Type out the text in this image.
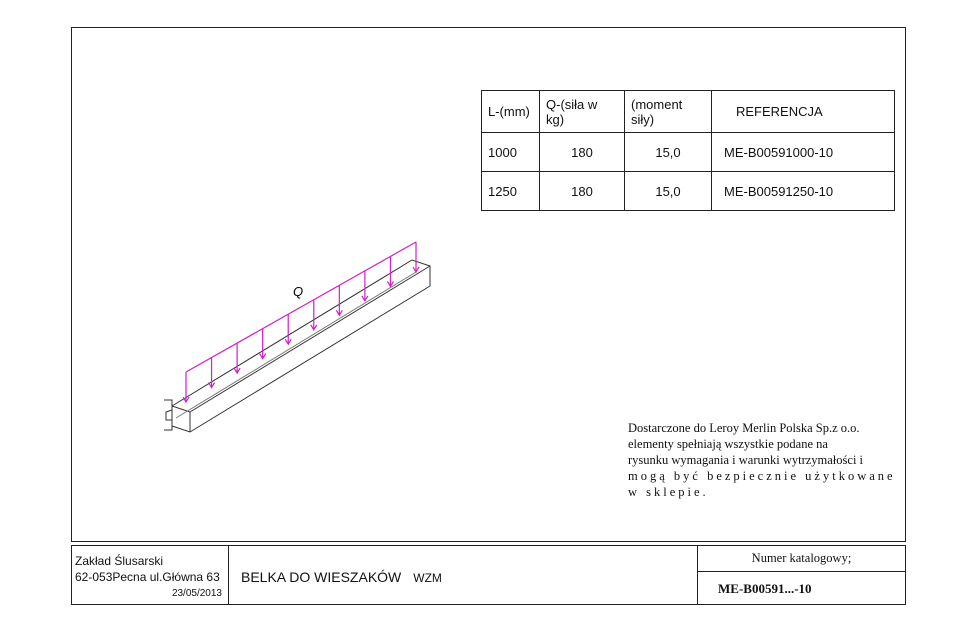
L-(mm)	Q-(siła w kg)	(moment siły)	REFERENCJA
1000	180	15,0	ME-B00591000-10
1250	180	15,0	ME-B00591250-10
Q
Dostarczone do Leroy Merlin Polska Sp.z o.o.
elementy spełniają wszystkie podane na
rysunku wymagania i warunki wytrzymałości i
mogą być bezpiecznie użytkowane
w sklepie.
Zakład Ślusarski
62-053Pecna ul.Główna 63
23/05/2013
BELKA DO WIESZAKÓW WZM
Numer katalogowy;
ME-B00591...-10
